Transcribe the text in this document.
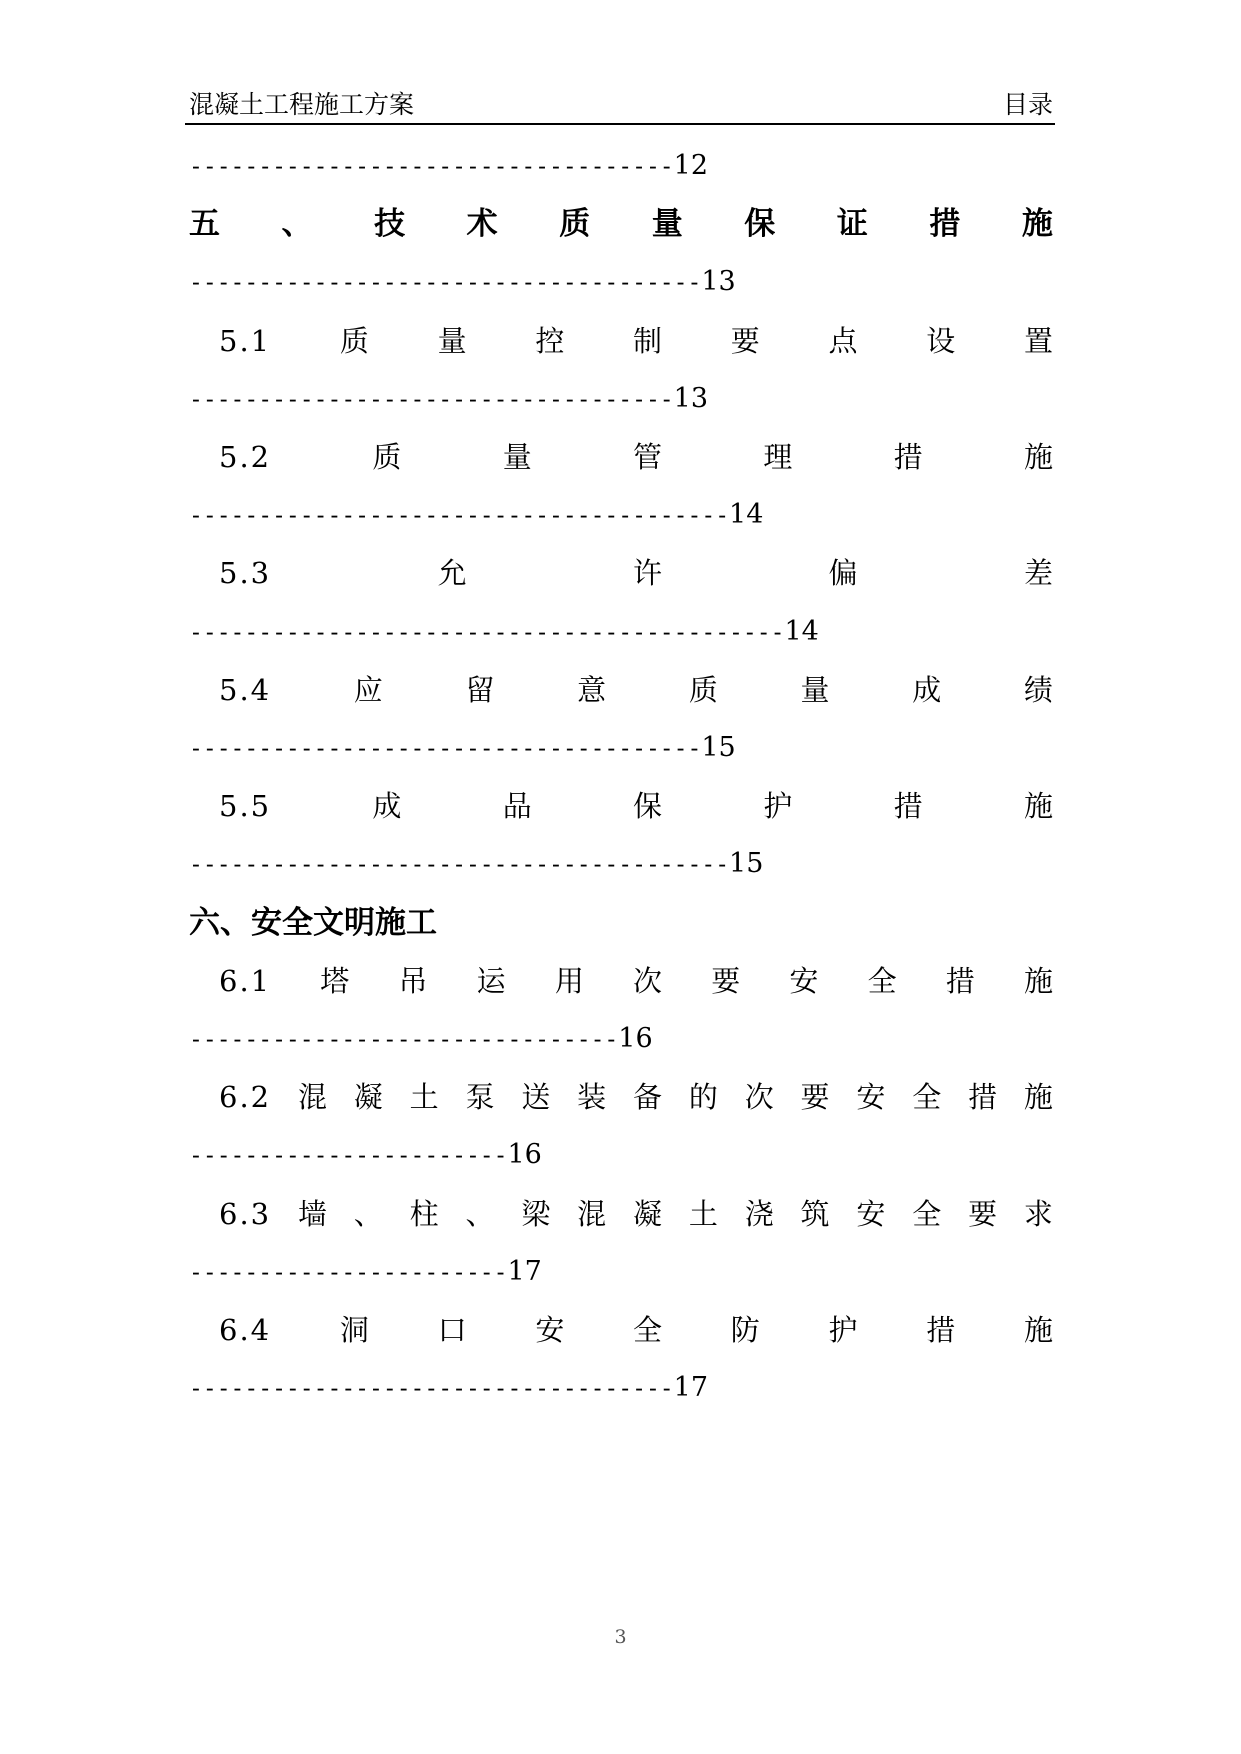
混凝土工程施工方案	目录
-----------------------------------12
五 、 技 术 质 量 保 证 措 施
-------------------------------------13
5.1 质 量 控 制 要 点 设 置
-----------------------------------13
5.2	质	量	管	理	措	施
---------------------------------------14
5.3	允	许	偏	差
-------------------------------------------14
5.4	应	留	意	质	量	成	绩
-------------------------------------15
5.5	成	品	保	护	措	施
---------------------------------------15
六、安全文明施工
6.1 塔 吊 运 用 次 要 安 全 措 施
-------------------------------16
6.2 混 凝 土 泵 送 装 备 的 次 要 安 全 措 施
-----------------------16
6.3 墙 、 柱 、 梁 混 凝 土 浇 筑 安 全 要 求
-----------------------17
6.4 洞 口 安 全 防 护 措 施
-----------------------------------17
3
